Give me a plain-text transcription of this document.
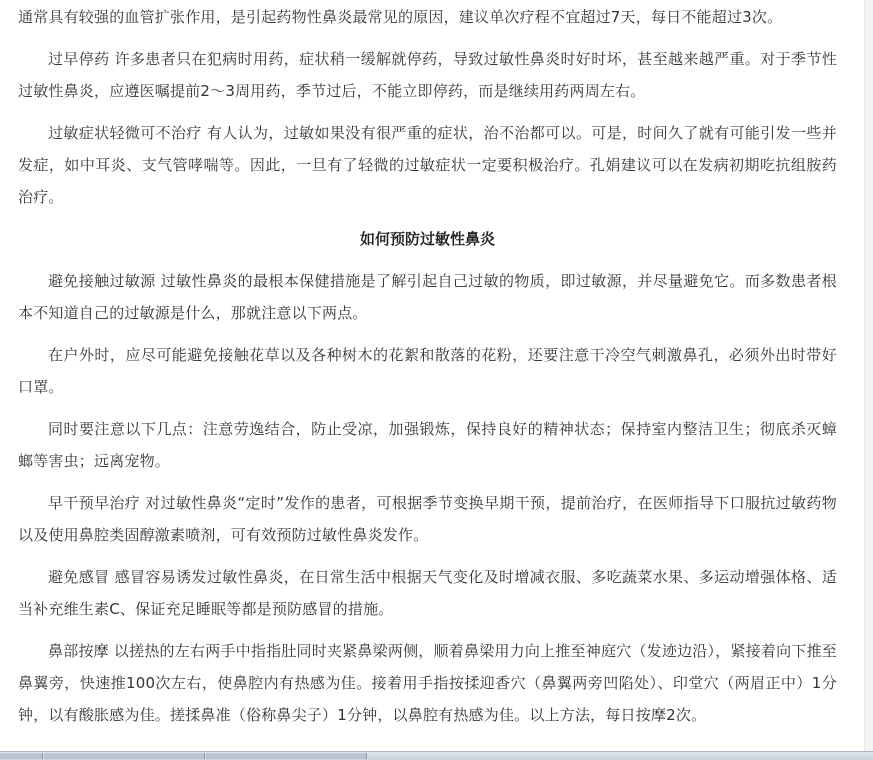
通常具有较强的血管扩张作用，是引起药物性鼻炎最常见的原因，建议单次疗程不宜超过7天，每日不能超过3次。

过早停药 许多患者只在犯病时用药，症状稍一缓解就停药，导致过敏性鼻炎时好时坏，甚至越来越严重。对于季节性过敏性鼻炎，应遵医嘱提前2～3周用药，季节过后，不能立即停药，而是继续用药两周左右。

过敏症状轻微可不治疗 有人认为，过敏如果没有很严重的症状，治不治都可以。可是，时间久了就有可能引发一些并发症，如中耳炎、支气管哮喘等。因此，一旦有了轻微的过敏症状一定要积极治疗。孔娟建议可以在发病初期吃抗组胺药治疗。

如何预防过敏性鼻炎

避免接触过敏源 过敏性鼻炎的最根本保健措施是了解引起自己过敏的物质，即过敏源，并尽量避免它。而多数患者根本不知道自己的过敏源是什么，那就注意以下两点。

在户外时，应尽可能避免接触花草以及各种树木的花絮和散落的花粉，还要注意干冷空气刺激鼻孔，必须外出时带好口罩。

同时要注意以下几点：注意劳逸结合，防止受凉，加强锻炼，保持良好的精神状态；保持室内整洁卫生；彻底杀灭蟑螂等害虫；远离宠物。

早干预早治疗 对过敏性鼻炎“定时”发作的患者，可根据季节变换早期干预，提前治疗，在医师指导下口服抗过敏药物以及使用鼻腔类固醇激素喷剂，可有效预防过敏性鼻炎发作。

避免感冒 感冒容易诱发过敏性鼻炎，在日常生活中根据天气变化及时增减衣服、多吃蔬菜水果、多运动增强体格、适当补充维生素C、保证充足睡眠等都是预防感冒的措施。

鼻部按摩 以搓热的左右两手中指指肚同时夹紧鼻梁两侧，顺着鼻梁用力向上推至神庭穴（发迹边沿），紧接着向下推至鼻翼旁，快速推100次左右，使鼻腔内有热感为佳。接着用手指按揉迎香穴（鼻翼两旁凹陷处）、印堂穴（两眉正中）1分钟，以有酸胀感为佳。搓揉鼻准（俗称鼻尖子）1分钟，以鼻腔有热感为佳。以上方法，每日按摩2次。
